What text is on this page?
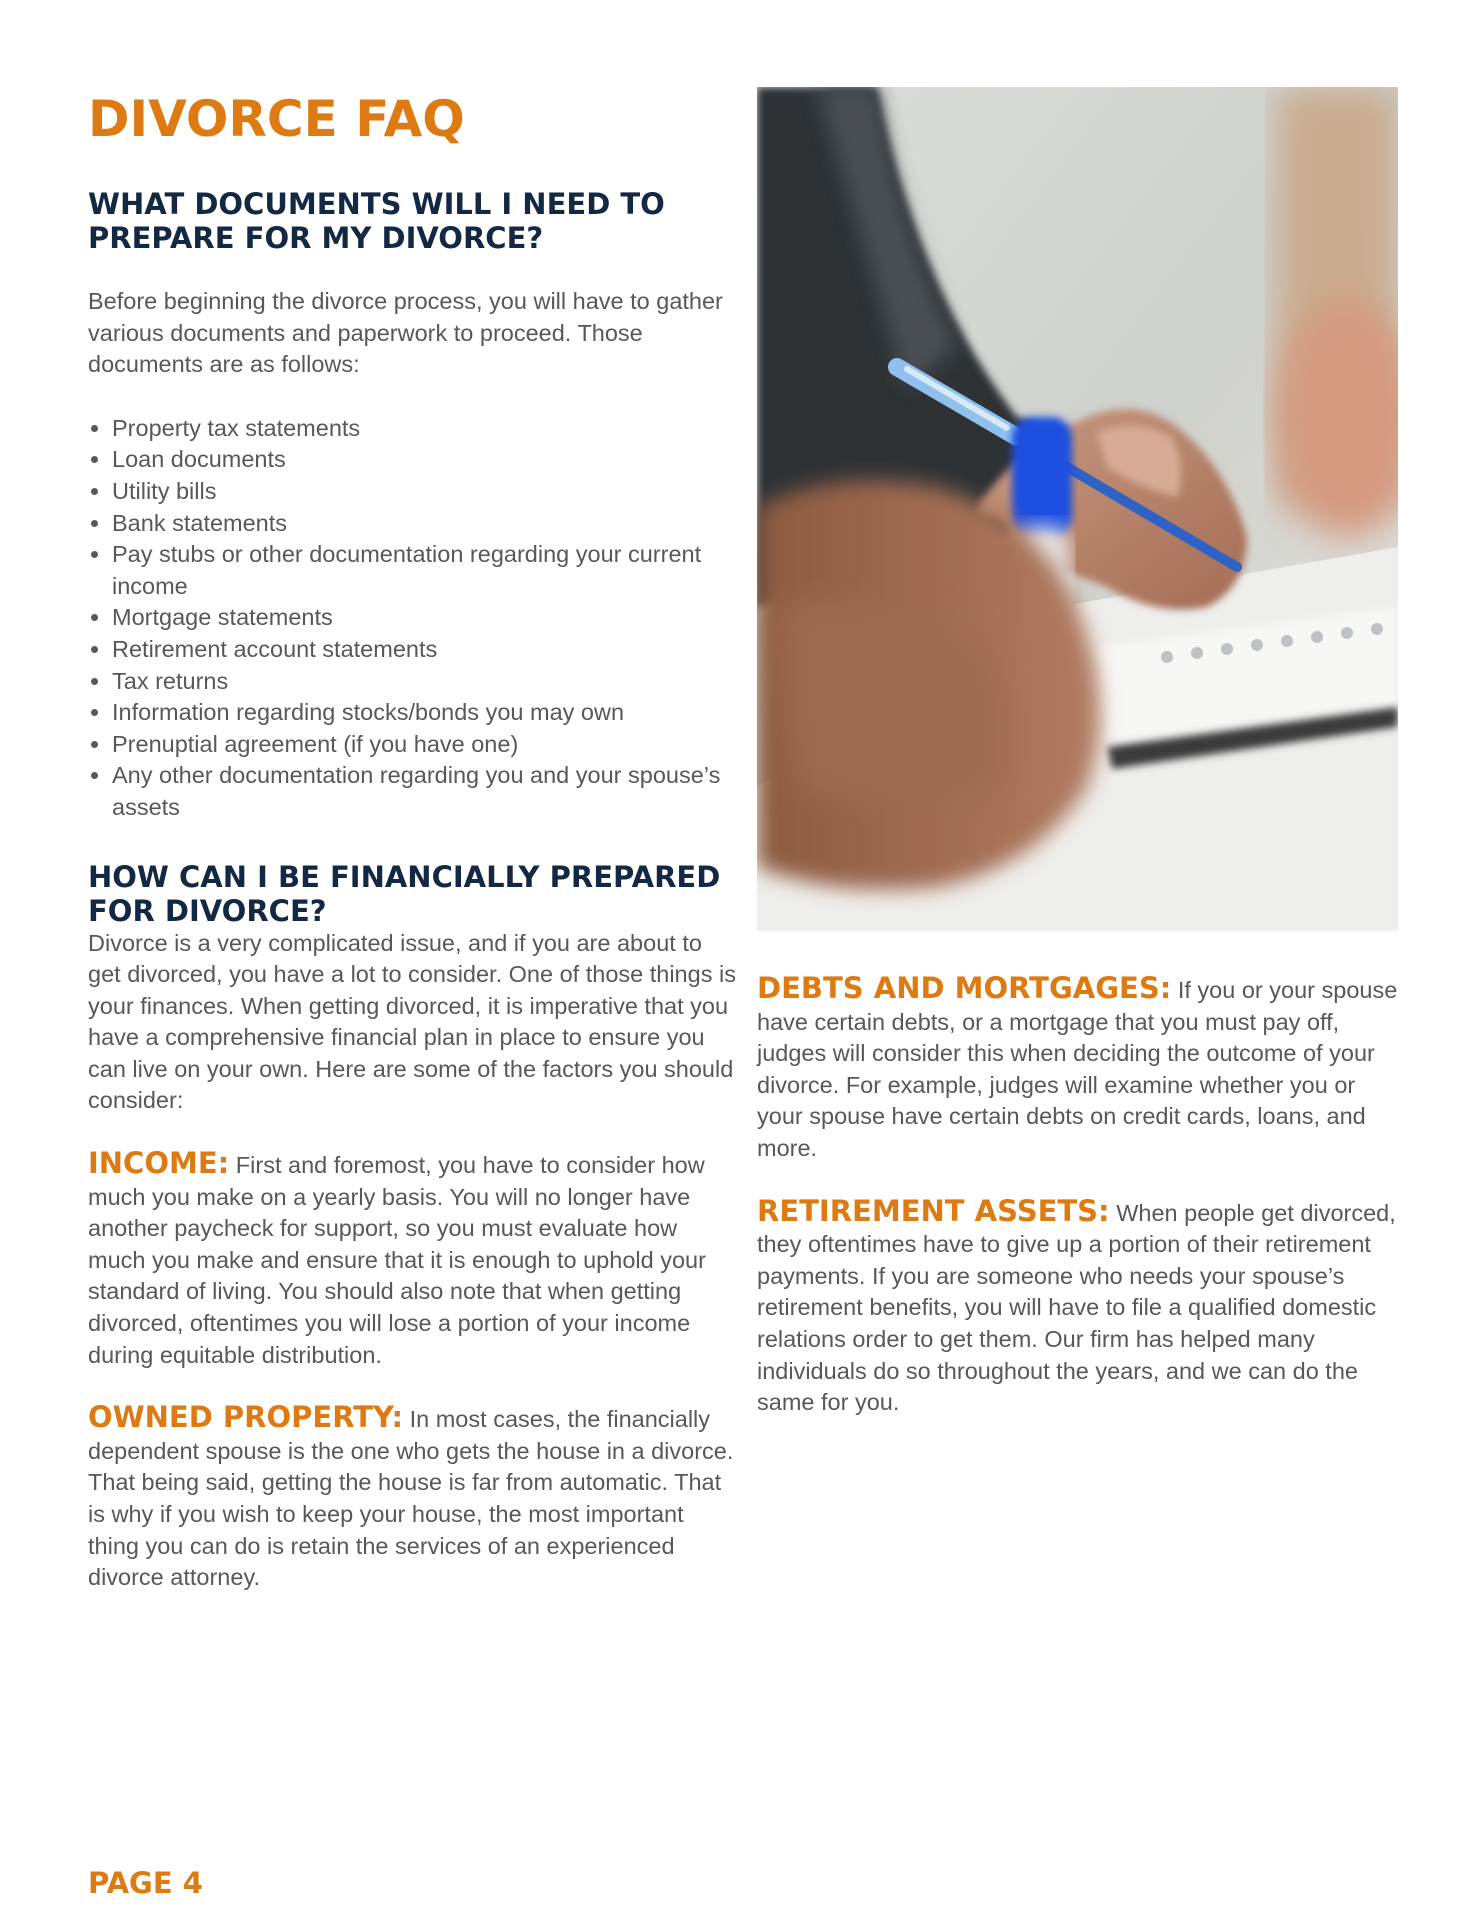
DIVORCE FAQ
WHAT DOCUMENTS WILL I NEED TO PREPARE FOR MY DIVORCE?

Before beginning the divorce process, you will have to gather various documents and paperwork to proceed. Those documents are as follows:

• Property tax statements
• Loan documents
• Utility bills
• Bank statements
• Pay stubs or other documentation regarding your current income
• Mortgage statements
• Retirement account statements
• Tax returns
• Information regarding stocks/bonds you may own
• Prenuptial agreement (if you have one)
• Any other documentation regarding you and your spouse’s assets
HOW CAN I BE FINANCIALLY PREPARED FOR DIVORCE?

Divorce is a very complicated issue, and if you are about to get divorced, you have a lot to consider. One of those things is your finances. When getting divorced, it is imperative that you have a comprehensive financial plan in place to ensure you can live on your own. Here are some of the factors you should consider:

INCOME: First and foremost, you have to consider how much you make on a yearly basis. You will no longer have another paycheck for support, so you must evaluate how much you make and ensure that it is enough to uphold your standard of living. You should also note that when getting divorced, oftentimes you will lose a portion of your income during equitable distribution.

OWNED PROPERTY: In most cases, the financially dependent spouse is the one who gets the house in a divorce. That being said, getting the house is far from automatic. That is why if you wish to keep your house, the most important thing you can do is retain the services of an experienced divorce attorney.

DEBTS AND MORTGAGES: If you or your spouse have certain debts, or a mortgage that you must pay off, judges will consider this when deciding the outcome of your divorce. For example, judges will examine whether you or your spouse have certain debts on credit cards, loans, and more.

RETIREMENT ASSETS: When people get divorced, they oftentimes have to give up a portion of their retirement payments. If you are someone who needs your spouse’s retirement benefits, you will have to file a qualified domestic relations order to get them. Our firm has helped many individuals do so throughout the years, and we can do the same for you.

PAGE 4
